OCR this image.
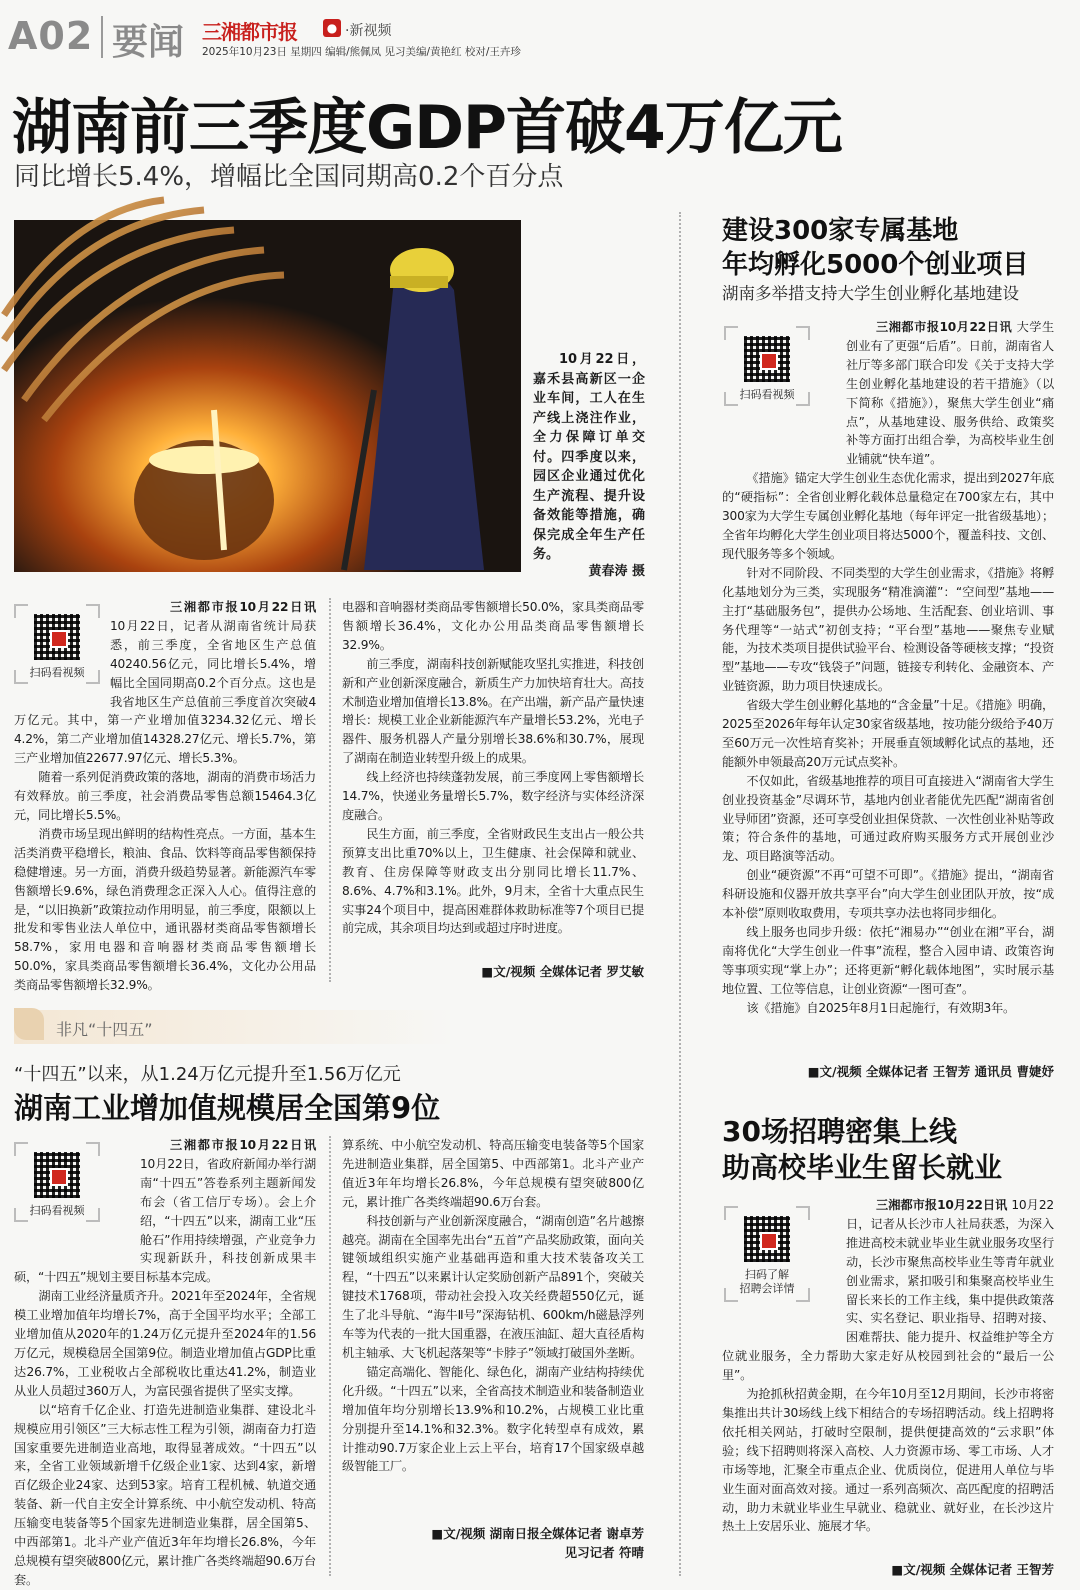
A02 要闻 三湘都市报	● ·新视频
2025年10月23日 星期四 编辑/熊佩凤 见习美编/黄艳红 校对/王卉珍
湖南前三季度GDP首破4万亿元
同比增长5.4%，增幅比全国同期高0.2个百分点
10月22日，嘉禾县高新区一企业车间，工人在生产线上浇注作业，全力保障订单交付。四季度以来，园区企业通过优化生产流程、提升设备效能等措施，确保完成全年生产任务。
黄春涛 摄
扫码看视频

三湘都市报10月22日讯 10月22日，记者从湖南省统计局获悉，前三季度，全省地区生产总值40240.56亿元，同比增长5.4%，增幅比全国同期高0.2个百分点。这也是我省地区生产总值前三季度首次突破4万亿元。其中，第一产业增加值3234.32亿元、增长4.2%，第二产业增加值14328.27亿元、增长5.7%，第三产业增加值22677.97亿元、增长5.3%。

随着一系列促消费政策的落地，湖南的消费市场活力有效释放。前三季度，社会消费品零售总额15464.3亿元，同比增长5.5%。

消费市场呈现出鲜明的结构性亮点。一方面，基本生活类消费平稳增长，粮油、食品、饮料等商品零售额保持稳健增速。另一方面，消费升级趋势显著。新能源汽车零售额增长9.6%，绿色消费理念正深入人心。值得注意的是，“以旧换新”政策拉动作用明显，前三季度，限额以上批发和零售业法人单位中，通讯器材类商品零售额增长58.7%，家用电器和音响器材类商品零售额增长50.0%，家具类商品零售额增长36.4%，文化办公用品类商品零售额增长32.9%。

电器和音响器材类商品零售额增长50.0%，家具类商品零售额增长36.4%，文化办公用品类商品零售额增长32.9%。

前三季度，湖南科技创新赋能攻坚扎实推进，科技创新和产业创新深度融合，新质生产力加快培育壮大。高技术制造业增加值增长13.8%。在产出端，新产品产量快速增长：规模工业企业新能源汽车产量增长53.2%，光电子器件、服务机器人产量分别增长38.6%和30.7%，展现了湖南在制造业转型升级上的成果。

线上经济也持续蓬勃发展，前三季度网上零售额增长14.7%，快递业务量增长5.7%，数字经济与实体经济深度融合。

民生方面，前三季度，全省财政民生支出占一般公共预算支出比重70%以上，卫生健康、社会保障和就业、教育、住房保障等财政支出分别同比增长11.7%、8.6%、4.7%和3.1%。此外，9月末，全省十大重点民生实事24个项目中，提高困难群体救助标准等7个项目已提前完成，其余项目均达到或超过序时进度。

■文/视频 全媒体记者 罗艾敏
非凡“十四五”
“十四五”以来，从1.24万亿元提升至1.56万亿元
湖南工业增加值规模居全国第9位
扫码看视频

三湘都市报10月22日讯 10月22日，省政府新闻办举行湖南“十四五”答卷系列主题新闻发布会（省工信厅专场）。会上介绍，“十四五”以来，湖南工业“压舱石”作用持续增强，产业竞争力实现新跃升，科技创新成果丰硕，“十四五”规划主要目标基本完成。

湖南工业经济量质齐升。2021年至2024年，全省规模工业增加值年均增长7%，高于全国平均水平；全部工业增加值从2020年的1.24万亿元提升至2024年的1.56万亿元，规模稳居全国第9位。制造业增加值占GDP比重达26.7%，工业税收占全部税收比重达41.2%，制造业从业人员超过360万人，为富民强省提供了坚实支撑。

以“培育千亿企业、打造先进制造业集群、建设北斗规模应用引领区”三大标志性工程为引领，湖南奋力打造国家重要先进制造业高地，取得显著成效。“十四五”以来，全省工业领域新增千亿级企业1家、达到4家，新增百亿级企业24家、达到53家。培育工程机械、轨道交通装备、新一代自主安全计算系统、中小航空发动机、特高压输变电装备等5个国家先进制造业集群，居全国第5、中西部第1。北斗产业产值近3年年均增长26.8%，今年总规模有望突破800亿元，累计推广各类终端超90.6万台套。

算系统、中小航空发动机、特高压输变电装备等5个国家先进制造业集群，居全国第5、中西部第1。北斗产业产值近3年年均增长26.8%，今年总规模有望突破800亿元，累计推广各类终端超90.6万台套。

科技创新与产业创新深度融合，“湖南创造”名片越擦越亮。湖南在全国率先出台“五首”产品奖励政策，面向关键领域组织实施产业基础再造和重大技术装备攻关工程，“十四五”以来累计认定奖励创新产品891个，突破关键技术1768项，带动社会投入攻关经费超550亿元，诞生了北斗导航、“海牛Ⅱ号”深海钻机、600km/h磁悬浮列车等为代表的一批大国重器，在液压油缸、超大直径盾构机主轴承、大飞机起落架等“卡脖子”领域打破国外垄断。

锚定高端化、智能化、绿色化，湖南产业结构持续优化升级。“十四五”以来，全省高技术制造业和装备制造业增加值年均分别增长13.9%和10.2%，占规模工业比重分别提升至14.1%和32.3%。数字化转型卓有成效，累计推动90.7万家企业上云上平台，培育17个国家级卓越级智能工厂。

■文/视频 湖南日报全媒体记者 谢卓芳
见习记者 符晴
建设300家专属基地
年均孵化5000个创业项目
湖南多举措支持大学生创业孵化基地建设
扫码看视频

三湘都市报10月22日讯 大学生创业有了更强“后盾”。日前，湖南省人社厅等多部门联合印发《关于支持大学生创业孵化基地建设的若干措施》（以下简称《措施》），聚焦大学生创业“痛点”，从基地建设、服务供给、政策奖补等方面打出组合拳，为高校毕业生创业铺就“快车道”。

《措施》锚定大学生创业生态优化需求，提出到2027年底的“硬指标”：全省创业孵化载体总量稳定在700家左右，其中300家为大学生专属创业孵化基地（每年评定一批省级基地）；全省年均孵化大学生创业项目将达5000个，覆盖科技、文创、现代服务等多个领域。

针对不同阶段、不同类型的大学生创业需求，《措施》将孵化基地划分为三类，实现服务“精准滴灌”：“空间型”基地——主打“基础服务包”，提供办公场地、生活配套、创业培训、事务代理等“一站式”初创支持；“平台型”基地——聚焦专业赋能，为技术类项目提供试验平台、检测设备等硬核支撑；“投资型”基地——专攻“钱袋子”问题，链接专利转化、金融资本、产业链资源，助力项目快速成长。

省级大学生创业孵化基地的“含金量”十足。《措施》明确，2025至2026年每年认定30家省级基地，按功能分级给予40万至60万元一次性培育奖补；开展垂直领域孵化试点的基地，还能额外申领最高20万元试点奖补。

不仅如此，省级基地推荐的项目可直接进入“湖南省大学生创业投资基金”尽调环节，基地内创业者能优先匹配“湖南省创业导师团”资源，还可享受创业担保贷款、一次性创业补贴等政策；符合条件的基地，可通过政府购买服务方式开展创业沙龙、项目路演等活动。

创业“硬资源”不再“可望不可即”。《措施》提出，“湖南省科研设施和仪器开放共享平台”向大学生创业团队开放，按“成本补偿”原则收取费用，专项共享办法也将同步细化。

线上服务也同步升级：依托“湘易办”“创业在湘”平台，湖南将优化“大学生创业一件事”流程，整合入园申请、政策咨询等事项实现“掌上办”；还将更新“孵化载体地图”，实时展示基地位置、工位等信息，让创业资源“一图可查”。

该《措施》自2025年8月1日起施行，有效期3年。

■文/视频 全媒体记者 王智芳 通讯员 曹婕妤
30场招聘密集上线
助高校毕业生留长就业
扫码了解
招聘会详情

三湘都市报10月22日讯 10月22日，记者从长沙市人社局获悉，为深入推进高校未就业毕业生就业服务攻坚行动，长沙市聚焦高校毕业生等青年就业创业需求，紧扣吸引和集聚高校毕业生留长来长的工作主线，集中提供政策落实、实名登记、职业指导、招聘对接、困难帮扶、能力提升、权益维护等全方位就业服务，全力帮助大家走好从校园到社会的“最后一公里”。

为抢抓秋招黄金期，在今年10月至12月期间，长沙市将密集推出共计30场线上线下相结合的专场招聘活动。线上招聘将依托相关网站，打破时空限制，提供便捷高效的“云求职”体验；线下招聘则将深入高校、人力资源市场、零工市场、人才市场等地，汇聚全市重点企业、优质岗位，促进用人单位与毕业生面对面高效对接。通过一系列高频次、高匹配度的招聘活动，助力未就业毕业生早就业、稳就业、就好业，在长沙这片热土上安居乐业、施展才华。

■文/视频 全媒体记者 王智芳
